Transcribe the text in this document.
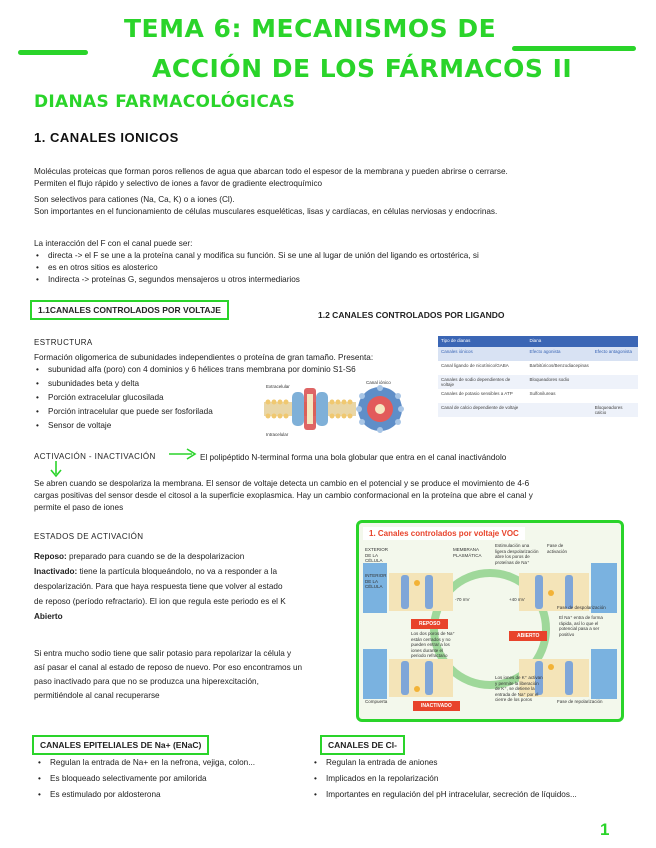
TEMA 6: MECANISMOS DE
ACCIÓN DE LOS FÁRMACOS II
DIANAS FARMACOLÓGICAS
1. CANALES IONICOS
Moléculas proteicas que forman poros rellenos de agua que abarcan todo el espesor de la membrana y pueden abrirse o cerrarse.
Permiten el flujo rápido y selectivo de iones a favor de gradiente electroquímico
Son selectivos para cationes (Na, Ca, K) o a iones (Cl).
Son importantes en el funcionamiento de células musculares esqueléticas, lisas y cardíacas, en células nerviosas y endocrinas.
La interacción del F con el canal puede ser:
• directa -> el F se une a la proteína canal y modifica su función. Si se une al lugar de unión del ligando es ortostérica, si
• es en otros sitios es alosterico
• Indirecta -> proteínas G, segundos mensajeros u otros intermediarios
1.1CANALES CONTROLADOS POR VOLTAJE	1.2 CANALES CONTROLADOS POR LIGANDO
ESTRUCTURA
Formación oligomerica de subunidades independientes o proteína de gran tamaño. Presenta:
• subunidad alfa (poro) con 4 dominios y 6 hélices trans membrana por dominio S1-S6
• subunidades beta y delta
• Porción extracelular glucosilada
• Porción intracelular que puede ser fosforilada
• Sensor de voltaje
Extracelular
Intracelular
Canal iónico
Tipo de dianas	Diana	
Canales iónicos	Efecto agonista	Efecto antagonista
Canal ligando de nicotínico/GABA	Barbitúricos/Benzodiacepinas	
Canales de sodio dependientes de voltaje	Bloqueadores sodio	
Canales de potasio sensibles a ATP	Sulfonilureas	
Canal de calcio dependiente de voltaje		Bloqueadores calcio
ACTIVACIÓN - INACTIVACIÓN	El polipéptido N-terminal forma una bola globular que entra en el canal inactivándolo
Se abren cuando se despolariza la membrana. El sensor de voltaje detecta un cambio en el potencial y se produce el movimiento de 4-6
cargas positivas del sensor desde el citosol a la superficie exoplasmica. Hay un cambio conformacional en la proteína que abre el canal y
permite el paso de iones
ESTADOS DE ACTIVACIÓN
Reposo: preparado para cuando se de la despolarizacion
Inactivado: tiene la partícula bloqueándolo, no va a responder a la
despolarización. Para que haya respuesta tiene que volver al estado
de reposo (período refractario). El ion que regula este periodo es el K
Abierto
Si entra mucho sodio tiene que salir potasio para repolarizar la célula y
así pasar el canal al estado de reposo de nuevo. Por eso encontramos un
paso inactivado para que no se produzca una hiperexcitación,
permitiéndole al canal recuperarse
1. Canales controlados por voltaje VOC
REPOSO
ABIERTO
INACTIVADO
EXTERIOR DE LA CÉLULA
INTERIOR DE LA CÉLULA
MEMBRANA PLASMÁTICA
-70 mV	+40 mV
Estimulación una ligera despolarización abre los poros de proteínas de Na⁺
El Na⁺ entra de forma rápida, así lo que el potencial pasa a ser positivo
Los iones de K⁺ activan y permite la liberación de K⁺, se detiene la entrada de Na⁺ por el cierre de los poros
Los dos poros de Na⁺ están cerrados y no pueden entrar a los iones durante el periodo refractario
Fase de activación
Fase de despolarización
Fase de repolarización
Compuerta
CANALES EPITELIALES DE Na+ (ENaC)
• Regulan la entrada de Na+ en la nefrona, vejiga, colon...
• Es bloqueado selectivamente por amilorida
• Es estimulado por aldosterona
CANALES DE Cl-
• Regulan la entrada de aniones
• Implicados en la repolarización
• Importantes en regulación del pH intracelular, secreción de líquidos...
1
